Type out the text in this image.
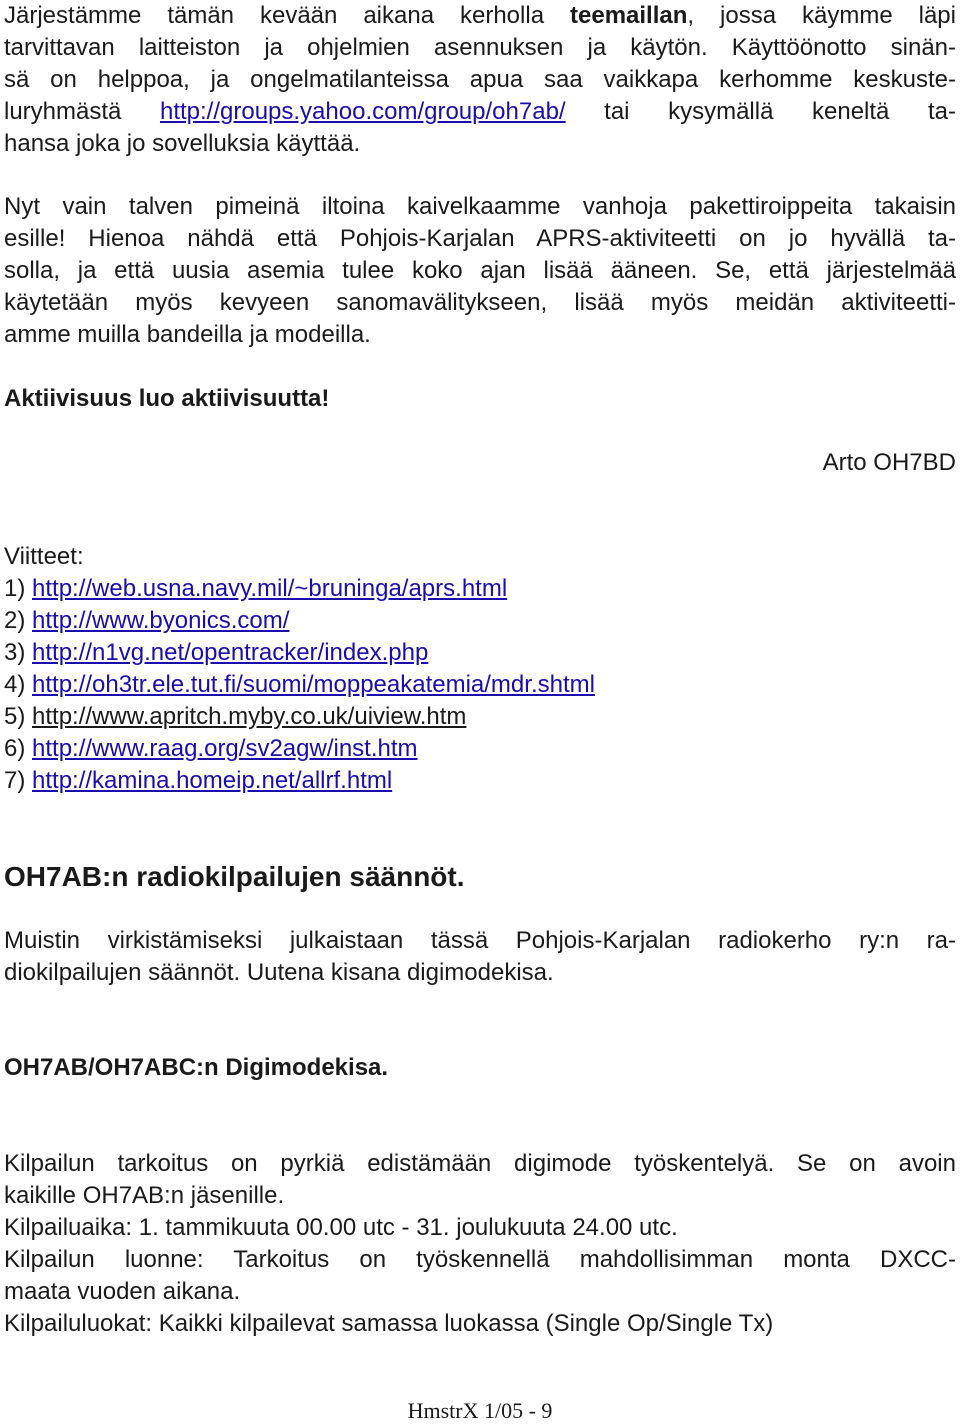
Järjestämme tämän kevään aikana kerholla teemaillan, jossa käymme läpi
tarvittavan laitteiston ja ohjelmien asennuksen ja käytön. Käyttöönotto sinän-
sä on helppoa, ja ongelmatilanteissa apua saa vaikkapa kerhomme keskuste-
luryhmästä http://groups.yahoo.com/group/oh7ab/ tai kysymällä keneltä ta-
hansa joka jo sovelluksia käyttää.
Nyt vain talven pimeinä iltoina kaivelkaamme vanhoja pakettiroippeita takaisin
esille! Hienoa nähdä että Pohjois-Karjalan APRS-aktiviteetti on jo hyvällä ta-
solla, ja että uusia asemia tulee koko ajan lisää ääneen. Se, että järjestelmää
käytetään myös kevyeen sanomavälitykseen, lisää myös meidän aktiviteetti-
amme muilla bandeilla ja modeilla.
Aktiivisuus luo aktiivisuutta!
Arto OH7BD
Viitteet:
1) http://web.usna.navy.mil/~bruninga/aprs.html
2) http://www.byonics.com/
3) http://n1vg.net/opentracker/index.php
4) http://oh3tr.ele.tut.fi/suomi/moppeakatemia/mdr.shtml
5) http://www.apritch.myby.co.uk/uiview.htm
6) http://www.raag.org/sv2agw/inst.htm
7) http://kamina.homeip.net/allrf.html
OH7AB:n radiokilpailujen säännöt.
Muistin virkistämiseksi julkaistaan tässä Pohjois-Karjalan radiokerho ry:n ra-
diokilpailujen säännöt. Uutena kisana digimodekisa.
OH7AB/OH7ABC:n Digimodekisa.
Kilpailun tarkoitus on pyrkiä edistämään digimode työskentelyä. Se on avoin
kaikille OH7AB:n jäsenille.
Kilpailuaika: 1. tammikuuta 00.00 utc - 31. joulukuuta 24.00 utc.
Kilpailun luonne: Tarkoitus on työskennellä mahdollisimman monta DXCC-
maata vuoden aikana.
Kilpailuluokat: Kaikki kilpailevat samassa luokassa (Single Op/Single Tx)
HmstrX 1/05 - 9
